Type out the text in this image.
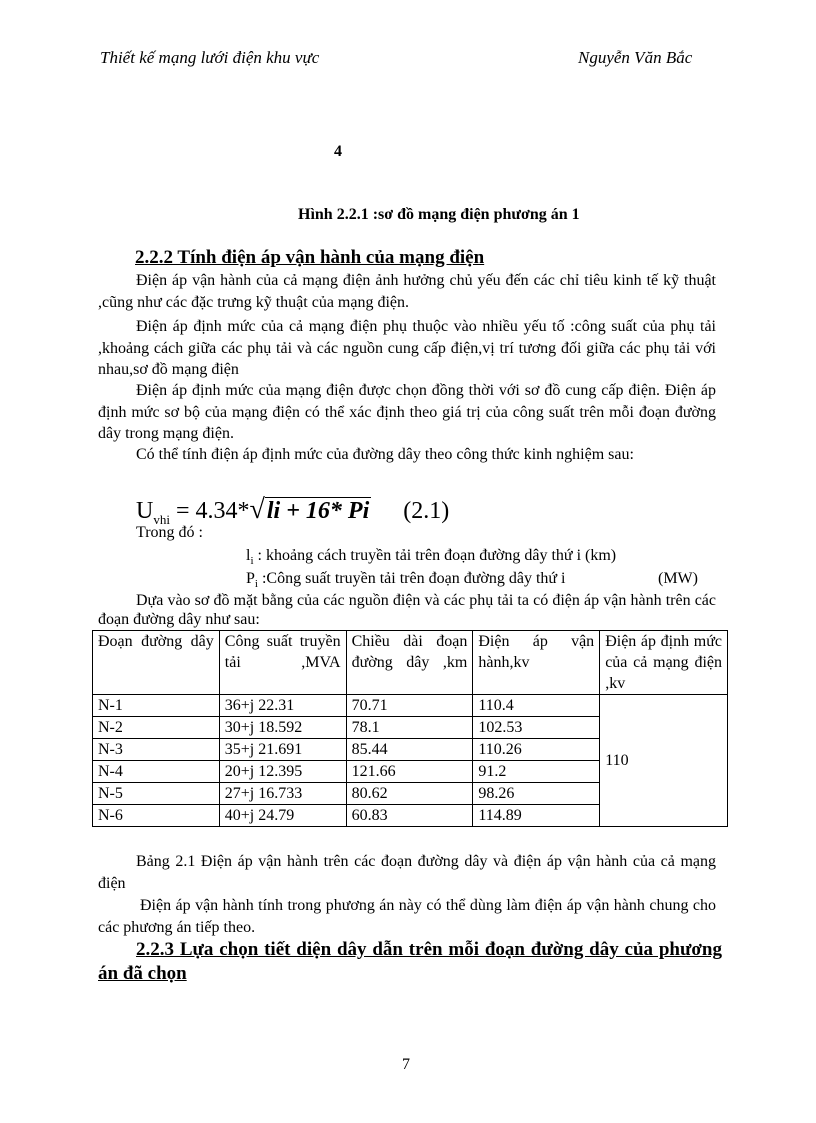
Thiết kế mạng lưới điện khu vực	Nguyễn Văn Bắc
4
Hình 2.2.1 :sơ đồ mạng điện phương án 1
2.2.2 Tính điện áp vận hành của mạng điện
Điện áp vận hành của cả mạng điện ảnh hưởng chủ yếu đến các chỉ tiêu kinh tế kỹ thuật ,cũng như các đặc trưng kỹ thuật của mạng điện.
Điện áp định mức của cả mạng điện phụ thuộc vào nhiều yếu tố :công suất của phụ tải ,khoảng cách giữa các phụ tải và các nguồn cung cấp điện,vị trí tương đối giữa các phụ tải với nhau,sơ đồ mạng điện
Điện áp định mức của mạng điện được chọn đồng thời với sơ đồ cung cấp điện. Điện áp định mức sơ bộ của mạng điện có thể xác định theo giá trị của công suất trên mỗi đoạn đường dây trong mạng điện.
Có thể tính điện áp định mức của đường dây theo công thức kinh nghiệm sau:
$U_{vhi} = 4.34*√li + 16*$ Pi (2.1)
Trong đó :
$l_i$ : khoảng cách truyền tải trên đoạn đường dây thứ i (km)
$P_i$ :Công suất truyền tải trên đoạn đường dây thứ i	(MW)
Dựa vào sơ đồ mặt bằng của các nguồn điện và các phụ tải ta có điện áp vận hành trên các đoạn đường dây như sau:
Đoạn đường dây	Công suất truyền tải ,MVA	Chiều dài đoạn đường dây ,km	Điện áp vận hành,kv	Điện áp định mức của cả mạng điện ,kv
N-1	36+j 22.31	70.71	110.4	110
N-2	30+j 18.592	78.1	102.53	
N-3	35+j 21.691	85.44	110.26	
N-4	20+j 12.395	121.66	91.2	
N-5	27+j 16.733	80.62	98.26	
N-6	40+j 24.79	60.83	114.89	
Bảng 2.1 Điện áp vận hành trên các đoạn đường dây và điện áp vận hành của cả mạng điện
Điện áp vận hành tính trong phương án này có thể dùng làm điện áp vận hành chung cho các phương án tiếp theo.
2.2.3 Lựa chọn tiết diện dây dẫn trên mỗi đoạn đường dây của phương án đã chọn
7
